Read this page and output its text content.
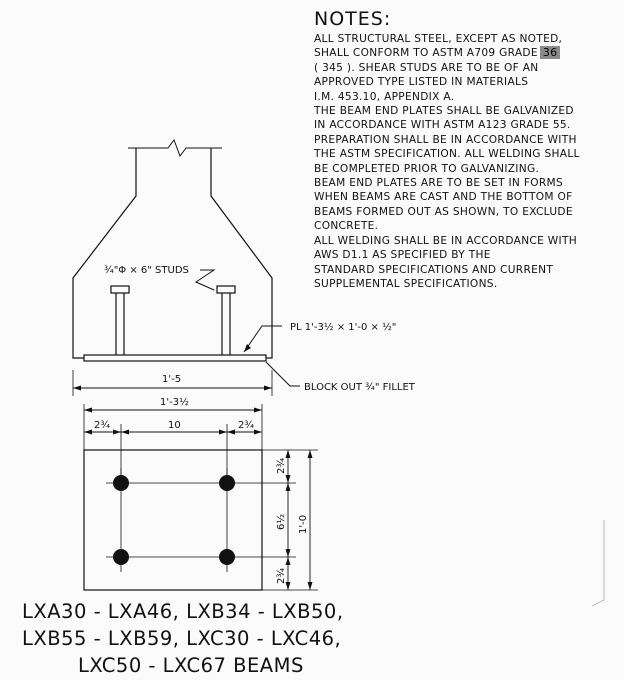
¾"Φ × 6" STUDS
PL 1'-3½ × 1'-0 × ½"
1'-5
BLOCK OUT ¾" FILLET
1'-3½
2¾	10	2¾
2¾
6½
2¾
1'-0
NOTES:
ALL STRUCTURAL STEEL, EXCEPT AS NOTED,
SHALL CONFORM TO ASTM A709 GRADE 36
( 345 ). SHEAR STUDS ARE TO BE OF AN
APPROVED TYPE LISTED IN MATERIALS
I.M. 453.10, APPENDIX A.
THE BEAM END PLATES SHALL BE GALVANIZED
IN ACCORDANCE WITH ASTM A123 GRADE 55.
PREPARATION SHALL BE IN ACCORDANCE WITH
THE ASTM SPECIFICATION. ALL WELDING SHALL
BE COMPLETED PRIOR TO GALVANIZING.
BEAM END PLATES ARE TO BE SET IN FORMS
WHEN BEAMS ARE CAST AND THE BOTTOM OF
BEAMS FORMED OUT AS SHOWN, TO EXCLUDE
CONCRETE.
ALL WELDING SHALL BE IN ACCORDANCE WITH
AWS D1.1 AS SPECIFIED BY THE
STANDARD SPECIFICATIONS AND CURRENT
SUPPLEMENTAL SPECIFICATIONS.
LXA30 - LXA46, LXB34 - LXB50,
LXB55 - LXB59, LXC30 - LXC46,
LXC50 - LXC67 BEAMS
